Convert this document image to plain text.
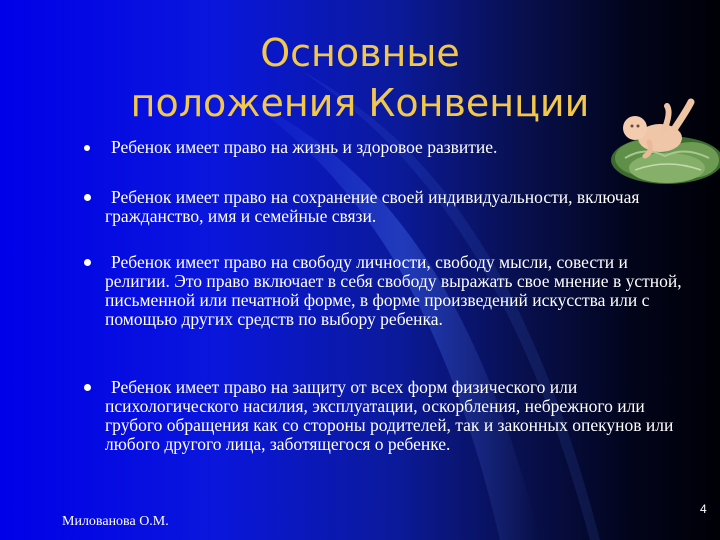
Основные
положения Конвенции
Ребенок имеет право на жизнь и здоровое развитие.
Ребенок имеет право на сохранение своей индивидуальности, включая гражданство, имя и семейные связи.
Ребенок имеет право на свободу личности, свободу мысли, совести и религии. Это право включает в себя свободу выражать свое мнение в устной, письменной или печатной форме, в форме произведений искусства или с помощью других средств по выбору ребенка.
Ребенок имеет право на защиту от всех форм физического или психологического насилия, эксплуатации, оскорбления, небрежного или грубого обращения как со стороны родителей, так и законных опекунов или любого другого лица, заботящегося о ребенке.
Милованова О.М.
4
